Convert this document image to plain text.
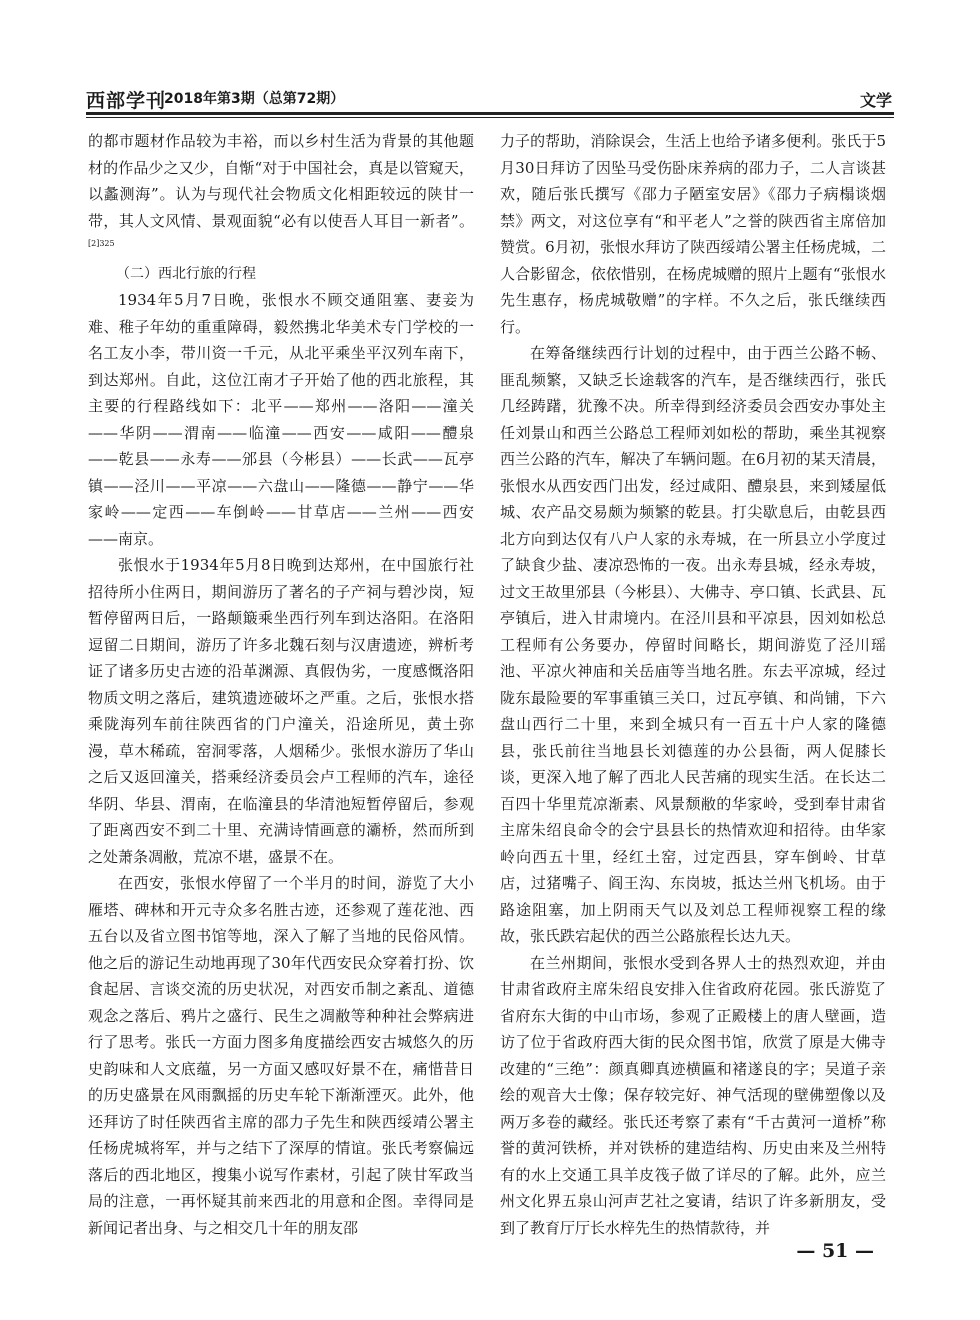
西部学刊
2018年第3期（总第72期）	文学

的都市题材作品较为丰裕，而以乡村生活为背景的其他题材的作品少之又少，自惭“对于中国社会，真是以管窥天，以蠡测海”。认为与现代社会物质文化相距较远的陕甘一带，其人文风情、景观面貌“必有以使吾人耳目一新者”。$^{[2]325}$

（二）西北行旅的行程

1934年5月7日晚，张恨水不顾交通阻塞、妻妾为难、稚子年幼的重重障碍，毅然携北华美术专门学校的一名工友小李，带川资一千元，从北平乘坐平汉列车南下，到达郑州。自此，这位江南才子开始了他的西北旅程，其主要的行程路线如下：北平——郑州——洛阳——潼关——华阴——渭南——临潼——西安——咸阳——醴泉——乾县——永寿——邠县（今彬县）——长武——瓦亭镇——泾川——平凉——六盘山——隆德——静宁——华家岭——定西——车倒岭——甘草店——兰州——西安——南京。

张恨水于1934年5月8日晚到达郑州，在中国旅行社招待所小住两日，期间游历了著名的子产祠与碧沙岗，短暂停留两日后，一路颠簸乘坐西行列车到达洛阳。在洛阳逗留二日期间，游历了许多北魏石刻与汉唐遗迹，辨析考证了诸多历史古迹的沿革渊源、真假伪劣，一度感慨洛阳物质文明之落后，建筑遗迹破坏之严重。之后，张恨水搭乘陇海列车前往陕西省的门户潼关，沿途所见，黄土弥漫，草木稀疏，窑洞零落，人烟稀少。张恨水游历了华山之后又返回潼关，搭乘经济委员会卢工程师的汽车，途径华阴、华县、渭南，在临潼县的华清池短暂停留后，参观了距离西安不到二十里、充满诗情画意的灞桥，然而所到之处萧条凋敝，荒凉不堪，盛景不在。

在西安，张恨水停留了一个半月的时间，游览了大小雁塔、碑林和开元寺众多名胜古迹，还参观了莲花池、西五台以及省立图书馆等地，深入了解了当地的民俗风情。他之后的游记生动地再现了30年代西安民众穿着打扮、饮食起居、言谈交流的历史状况，对西安币制之紊乱、道德观念之落后、鸦片之盛行、民生之凋敝等种种社会弊病进行了思考。张氏一方面力图多角度描绘西安古城悠久的历史韵味和人文底蕴，另一方面又感叹好景不在，痛惜昔日的历史盛景在风雨飘摇的历史车轮下渐渐湮灭。此外，他还拜访了时任陕西省主席的邵力子先生和陕西绥靖公署主任杨虎城将军，并与之结下了深厚的情谊。张氏考察偏远落后的西北地区，搜集小说写作素材，引起了陕甘军政当局的注意，一再怀疑其前来西北的用意和企图。幸得同是新闻记者出身、与之相交几十年的朋友邵

力子的帮助，消除误会，生活上也给予诸多便利。张氏于5月30日拜访了因坠马受伤卧床养病的邵力子，二人言谈甚欢，随后张氏撰写《邵力子陋室安居》《邵力子病榻谈烟禁》两文，对这位享有“和平老人”之誉的陕西省主席倍加赞赏。6月初，张恨水拜访了陕西绥靖公署主任杨虎城，二人合影留念，依依惜别，在杨虎城赠的照片上题有“张恨水先生惠存，杨虎城敬赠”的字样。不久之后，张氏继续西行。

在筹备继续西行计划的过程中，由于西兰公路不畅、匪乱频繁，又缺乏长途载客的汽车，是否继续西行，张氏几经踌躇，犹豫不决。所幸得到经济委员会西安办事处主任刘景山和西兰公路总工程师刘如松的帮助，乘坐其视察西兰公路的汽车，解决了车辆问题。在6月初的某天清晨，张恨水从西安西门出发，经过咸阳、醴泉县，来到矮屋低城、农产品交易颇为频繁的乾县。打尖歇息后，由乾县西北方向到达仅有八户人家的永寿城，在一所县立小学度过了缺食少盐、凄凉恐怖的一夜。出永寿县城，经永寿坡，过文王故里邠县（今彬县）、大佛寺、亭口镇、长武县、瓦亭镇后，进入甘肃境内。在泾川县和平凉县，因刘如松总工程师有公务要办，停留时间略长，期间游览了泾川瑶池、平凉火神庙和关岳庙等当地名胜。东去平凉城，经过陇东最险要的军事重镇三关口，过瓦亭镇、和尚铺，下六盘山西行二十里，来到全城只有一百五十户人家的隆德县，张氏前往当地县长刘德莲的办公县衙，两人促膝长谈，更深入地了解了西北人民苦痛的现实生活。在长达二百四十华里荒凉渐素、风景颓敝的华家岭，受到奉甘肃省主席朱绍良命令的会宁县县长的热情欢迎和招待。由华家岭向西五十里，经红土窑，过定西县，穿车倒岭、甘草店，过猪嘴子、阎王沟、东岗坡，抵达兰州飞机场。由于路途阻塞，加上阴雨天气以及刘总工程师视察工程的缘故，张氏跌宕起伏的西兰公路旅程长达九天。

在兰州期间，张恨水受到各界人士的热烈欢迎，并由甘肃省政府主席朱绍良安排入住省政府花园。张氏游览了省府东大街的中山市场，参观了正殿楼上的唐人壁画，造访了位于省政府西大街的民众图书馆，欣赏了原是大佛寺改建的“三绝”：颜真卿真迹横匾和褚遂良的字；吴道子亲绘的观音大士像；保存较完好、神气活现的壁佛塑像以及两万多卷的藏经。张氏还考察了素有“千古黄河一道桥”称誉的黄河铁桥，并对铁桥的建造结构、历史由来及兰州特有的水上交通工具羊皮筏子做了详尽的了解。此外，应兰州文化界五泉山河声艺社之宴请，结识了许多新朋友，受到了教育厅厅长水梓先生的热情款待，并

— 51 —
